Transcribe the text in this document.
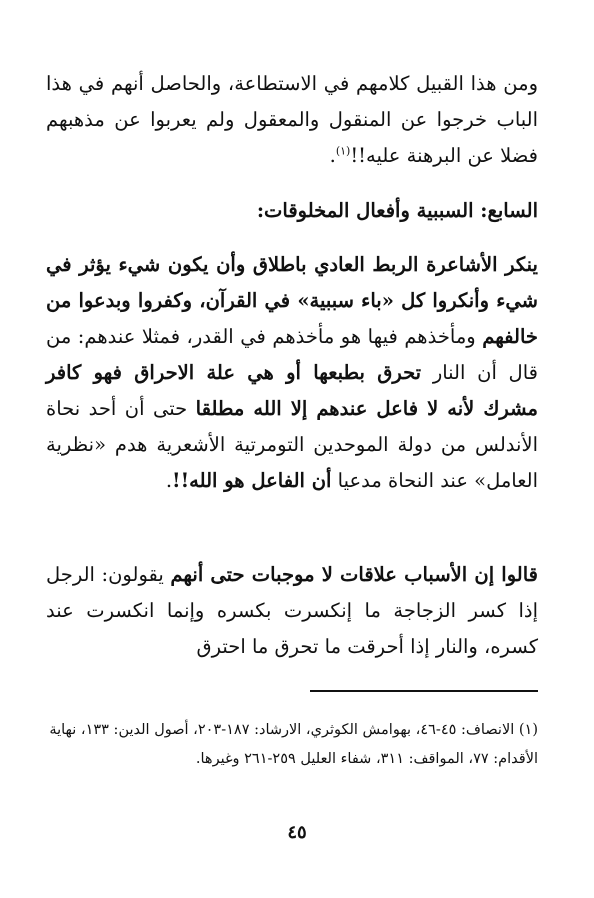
ومن هذا القبيل كلامهم في الاستطاعة، والحاصل أنهم في هذا الباب خرجوا عن المنقول والمعقول ولم يعربوا عن مذهبهم فضلا عن البرهنة عليه!!$^{(١)}$.
السابع: السببية وأفعال المخلوقات:
ينكر الأشاعرة الربط العادي باطلاق وأن يكون شيء يؤثر في شيء وأنكروا كل «باء سببية» في القرآن، وكفروا وبدعوا من خالفهم ومأخذهم فيها هو مأخذهم في القدر، فمثلا عندهم: من قال أن النار تحرق بطبعها أو هي علة الاحراق فهو كافر مشرك لأنه لا فاعل عندهم إلا الله مطلقا حتى أن أحد نحاة الأندلس من دولة الموحدين التومرتية الأشعرية هدم «نظرية العامل» عند النحاة مدعيا أن الفاعل هو الله!!.
قالوا إن الأسباب علاقات لا موجبات حتى أنهم يقولون: الرجل إذا كسر الزجاجة ما إنكسرت بكسره وإنما انكسرت عند كسره، والنار إذا أحرقت ما تحرق ما احترق
(١) الانصاف: ٤٥-٤٦، بهوامش الكوثري، الارشاد: ١٨٧-٢٠٣، أصول الدين: ١٣٣، نهاية الأقدام: ٧٧، المواقف: ٣١١، شفاء العليل ٢٥٩-٢٦١ وغيرها.
٤٥
